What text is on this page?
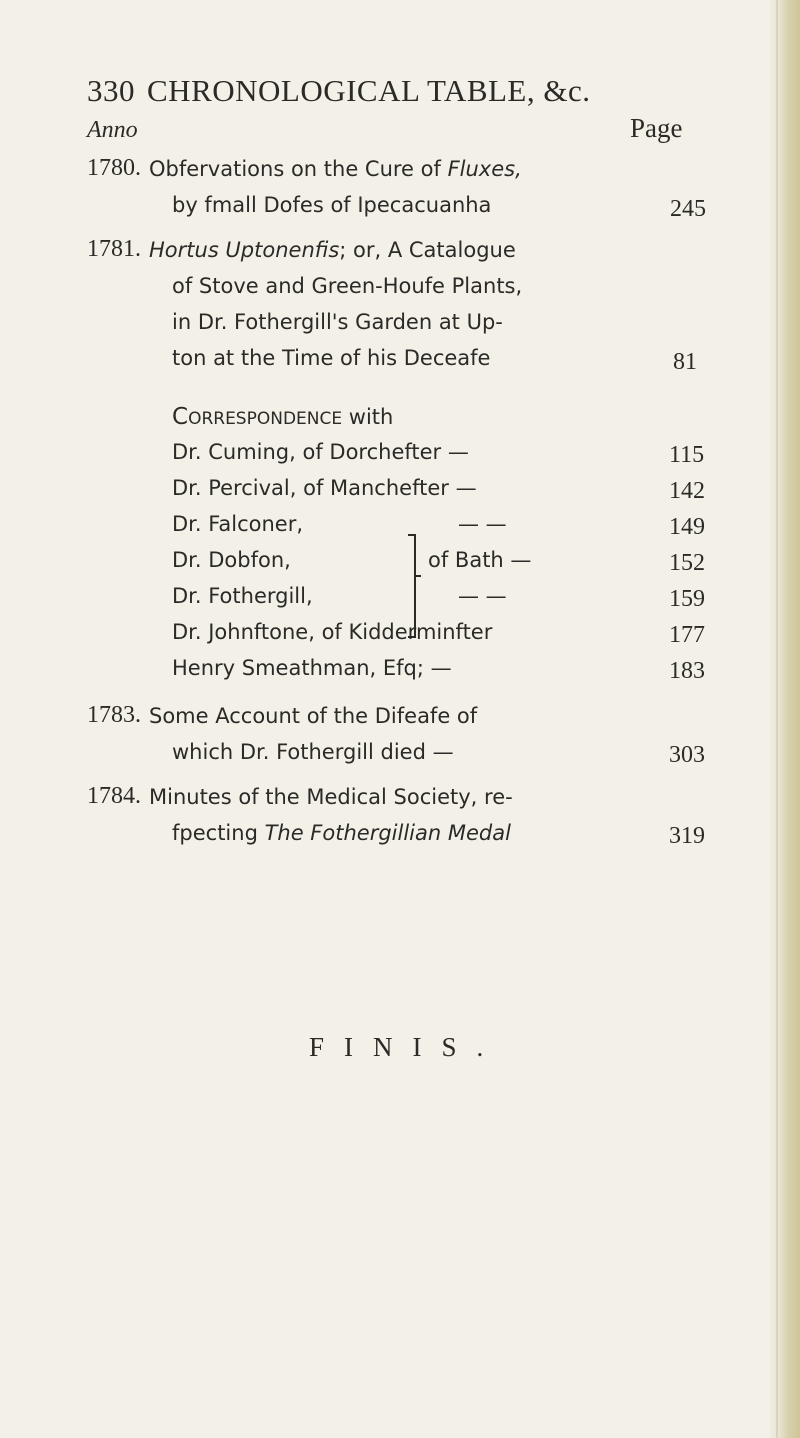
330 CHRONOLOGICAL TABLE, &c.
Anno	Page
1780. Obfervations on the Cure of Fluxes,
by fmall Dofes of Ipecacuanha	245
1781. Hortus Uptonenfis; or, A Catalogue
of Stove and Green-Houfe Plants,
in Dr. Fothergill's Garden at Up-
ton at the Time of his Deceafe	81
CORRESPONDENCE with
Dr. Cuming, of Dorchefter —	115
Dr. Percival, of Manchefter —	142
Dr. Falconer,	— —	149
Dr. Dobfon,	of Bath —	152
Dr. Fothergill,	— —	159
Dr. Johnftone, of Kidderminfter	177
Henry Smeathman, Efq; —	183
1783. Some Account of the Difeafe of
which Dr. Fothergill died —	303
1784. Minutes of the Medical Society, re-
fpecting The Fothergillian Medal	319
FINIS.
